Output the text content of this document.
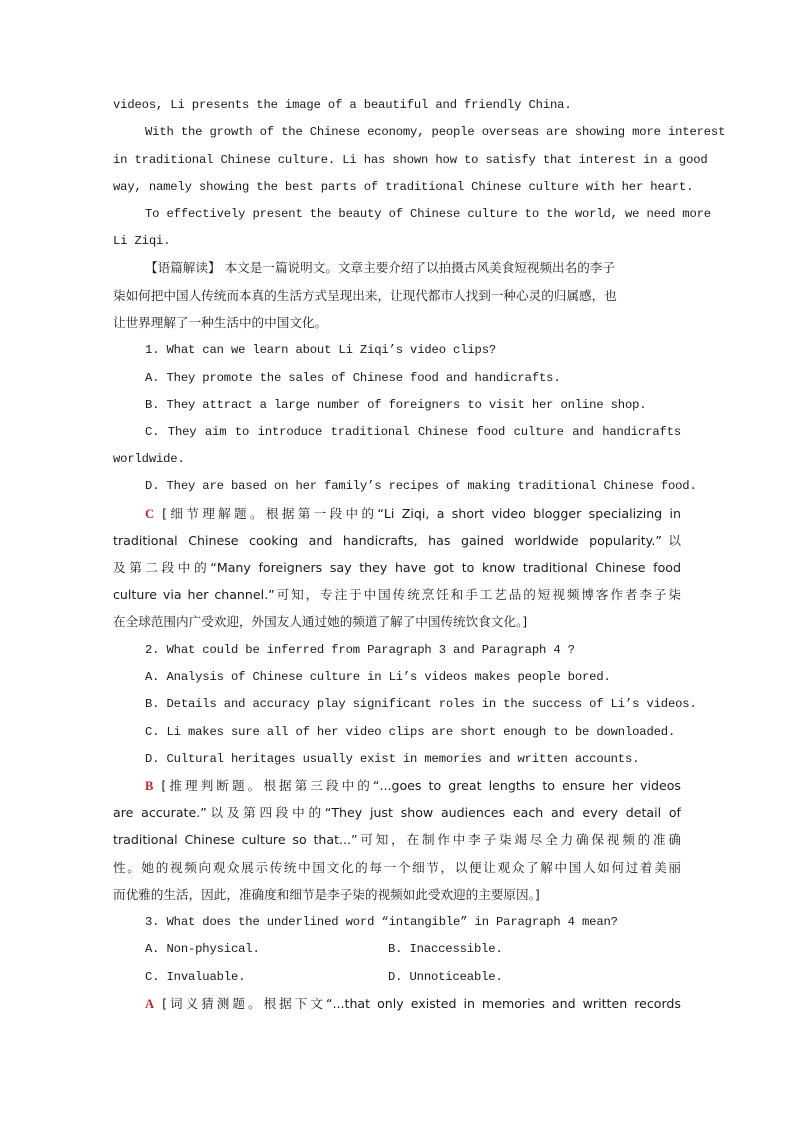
videos, Li presents the image of a beautiful and friendly China.
With the growth of the Chinese economy, people overseas are showing more interest
in traditional Chinese culture. Li has shown how to satisfy that interest in a good
way, namely showing the best parts of traditional Chinese culture with her heart.
To effectively present the beauty of Chinese culture to the world, we need more
Li Ziqi.
【语篇解读】 本文是一篇说明文。文章主要介绍了以拍摄古风美食短视频出名的李子
柒如何把中国人传统而本真的生活方式呈现出来，让现代都市人找到一种心灵的归属感，也
让世界理解了一种生活中的中国文化。
1. What can we learn about Li Ziqi’s video clips?
A. They promote the sales of Chinese food and handicrafts.
B. They attract a large number of foreigners to visit her online shop.
C. They aim to introduce traditional Chinese food culture and handicrafts
worldwide.
D. They are based on her family’s recipes of making traditional Chinese food.
C [细节理解题。根据第一段中的“Li Ziqi, a short video blogger specializing in
traditional Chinese cooking and handicrafts, has gained worldwide popularity.”以
及第二段中的“Many foreigners say they have got to know traditional Chinese food
culture via her channel.”可知，专注于中国传统烹饪和手工艺品的短视频博客作者李子柒
在全球范围内广受欢迎，外国友人通过她的频道了解了中国传统饮食文化。]
2. What could be inferred from Paragraph 3 and Paragraph 4 ?
A. Analysis of Chinese culture in Li’s videos makes people bored.
B. Details and accuracy play significant roles in the success of Li’s videos.
C. Li makes sure all of her video clips are short enough to be downloaded.
D. Cultural heritages usually exist in memories and written accounts.
B [推理判断题。根据第三段中的“...goes to great lengths to ensure her videos
are accurate.”以及第四段中的“They just show audiences each and every detail of
traditional Chinese culture so that...”可知，在制作中李子柒竭尽全力确保视频的准确
性。她的视频向观众展示传统中国文化的每一个细节，以便让观众了解中国人如何过着美丽
而优雅的生活，因此，准确度和细节是李子柒的视频如此受欢迎的主要原因。]
3. What does the underlined word “intangible” in Paragraph 4 mean?
A. Non-physical.	B. Inaccessible.
C. Invaluable.	D. Unnoticeable.
A [词义猜测题。根据下文“...that only existed in memories and written records
